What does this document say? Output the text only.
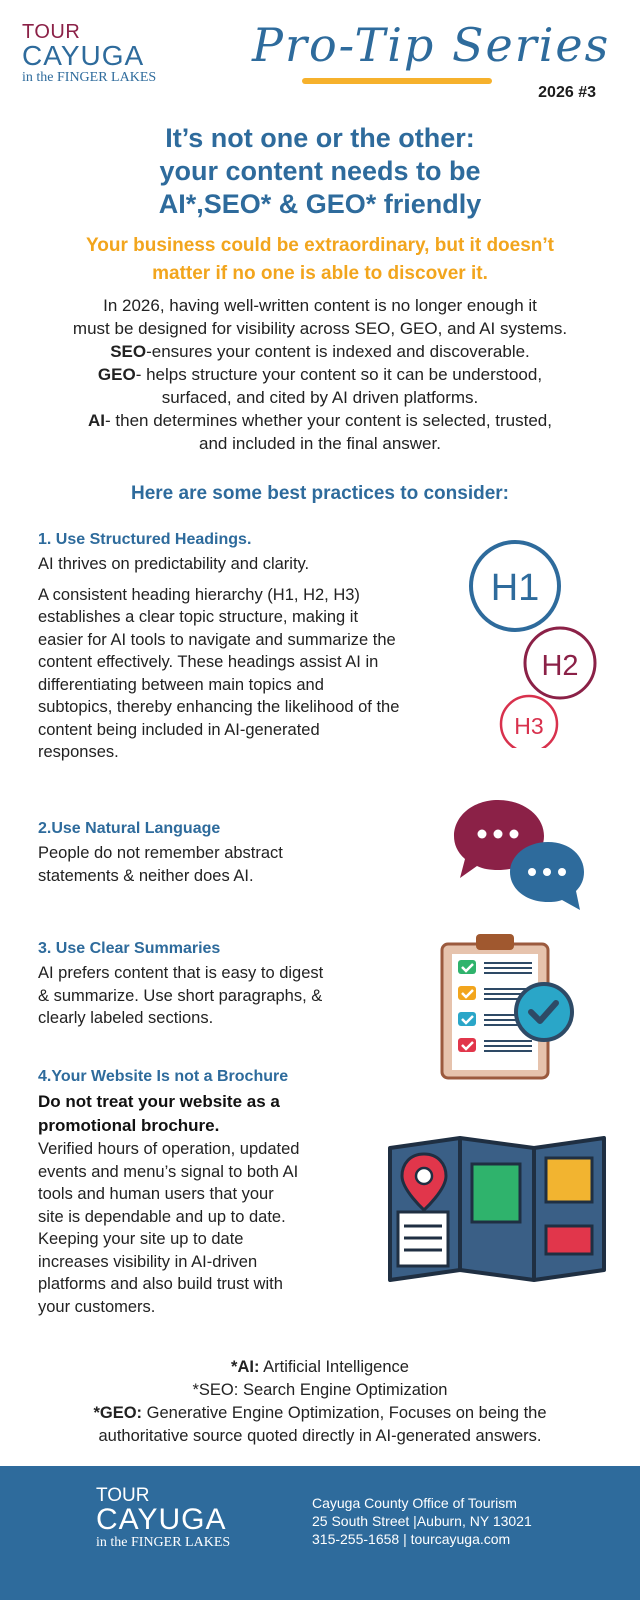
TOUR
CAYUGA
in the FINGER LAKES
Pro-Tip Series
2026 #3
It’s not one or the other:
your content needs to be
AI*,SEO* & GEO* friendly
Your business could be extraordinary, but it doesn’t
matter if no one is able to discover it.

In 2026, having well-written content is no longer enough it

must be designed for visibility across SEO, GEO, and AI systems.

SEO-ensures your content is indexed and discoverable.

GEO- helps structure your content so it can be understood,

surfaced, and cited by AI driven platforms.

AI- then determines whether your content is selected, trusted,

and included in the final answer.

Here are some best practices to consider:
1. Use Structured Headings.
AI thrives on predictability and clarity.
A consistent heading hierarchy (H1, H2, H3)
establishes a clear topic structure, making it
easier for AI tools to navigate and summarize the
content effectively. These headings assist AI in
differentiating between main topics and
subtopics, thereby enhancing the likelihood of the
content being included in AI-generated
responses.
H1
H2
H3
2.Use Natural Language
People do not remember abstract
statements & neither does AI.
3. Use Clear Summaries
AI prefers content that is easy to digest
& summarize. Use short paragraphs, &
clearly labeled sections.
4.Your Website Is not a Brochure
Do not treat your website as a
promotional brochure.
Verified hours of operation, updated
events and menu’s signal to both AI
tools and human users that your
site is dependable and up to date.
Keeping your site up to date
increases visibility in AI-driven
platforms and also build trust with
your customers.
*AI: Artificial Intelligence
*SEO: Search Engine Optimization
*GEO: Generative Engine Optimization, Focuses on being the
authoritative source quoted directly in AI-generated answers.
TOUR
CAYUGA
in the FINGER LAKES
Cayuga County Office of Tourism
25 South Street |Auburn, NY 13021
315-255-1658 | tourcayuga.com
